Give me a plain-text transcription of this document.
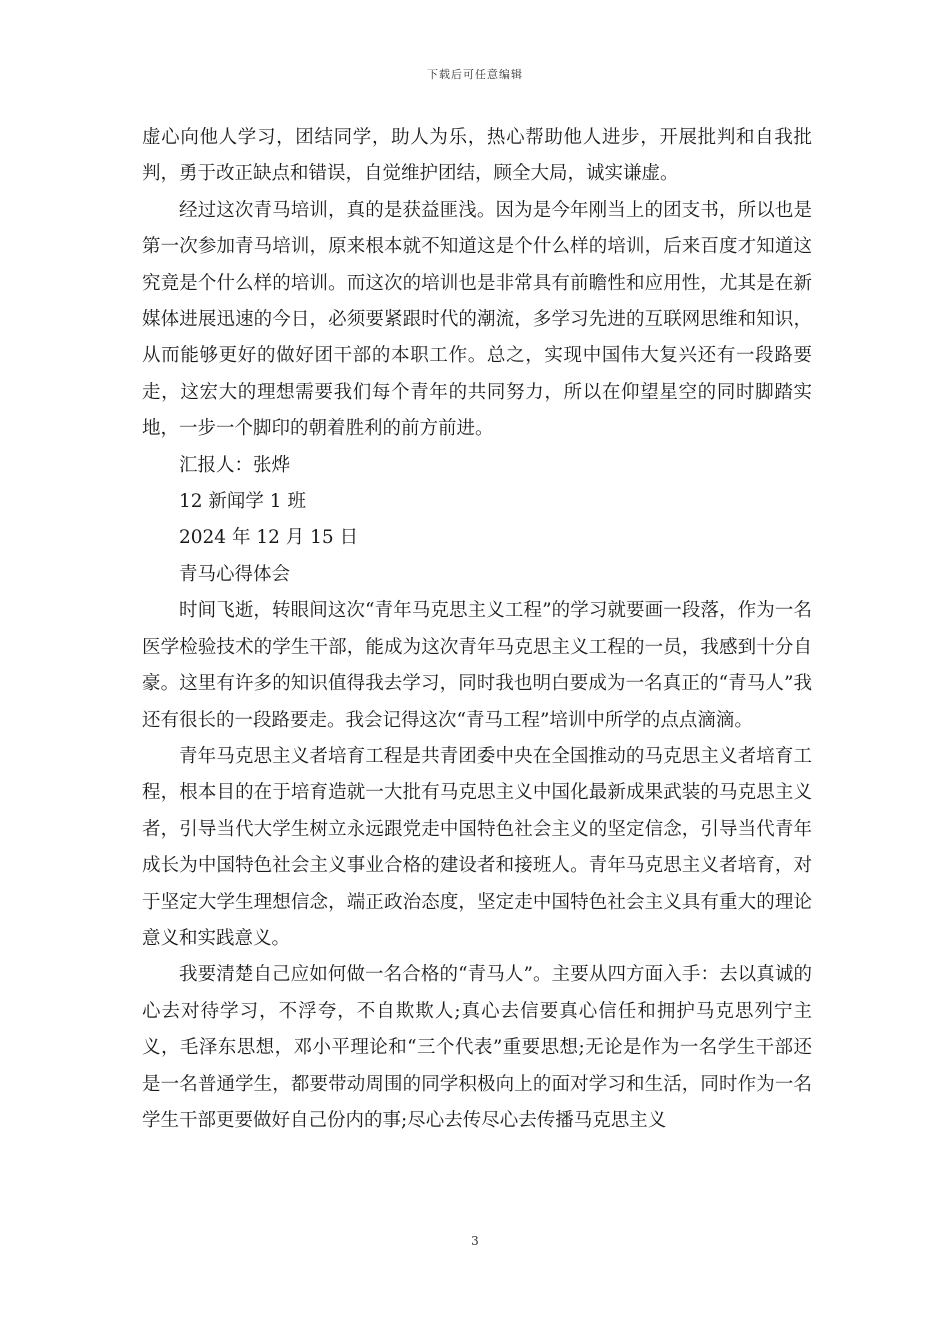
下载后可任意编辑

虚心向他人学习，团结同学，助人为乐，热心帮助他人进步，开展批判和自我批判，勇于改正缺点和错误，自觉维护团结，顾全大局，诚实谦虚。

经过这次青马培训，真的是获益匪浅。因为是今年刚当上的团支书，所以也是第一次参加青马培训，原来根本就不知道这是个什么样的培训，后来百度才知道这究竟是个什么样的培训。而这次的培训也是非常具有前瞻性和应用性，尤其是在新媒体进展迅速的今日，必须要紧跟时代的潮流，多学习先进的互联网思维和知识，从而能够更好的做好团干部的本职工作。总之，实现中国伟大复兴还有一段路要走，这宏大的理想需要我们每个青年的共同努力，所以在仰望星空的同时脚踏实地，一步一个脚印的朝着胜利的前方前进。

汇报人：张烨

12 新闻学 1 班

2024 年 12 月 15 日

青马心得体会

时间飞逝，转眼间这次“青年马克思主义工程”的学习就要画一段落，作为一名医学检验技术的学生干部，能成为这次青年马克思主义工程的一员，我感到十分自豪。这里有许多的知识值得我去学习，同时我也明白要成为一名真正的“青马人”我还有很长的一段路要走。我会记得这次“青马工程”培训中所学的点点滴滴。

青年马克思主义者培育工程是共青团委中央在全国推动的马克思主义者培育工程，根本目的在于培育造就一大批有马克思主义中国化最新成果武装的马克思主义者，引导当代大学生树立永远跟党走中国特色社会主义的坚定信念，引导当代青年成长为中国特色社会主义事业合格的建设者和接班人。青年马克思主义者培育，对于坚定大学生理想信念，端正政治态度，坚定走中国特色社会主义具有重大的理论意义和实践意义。

我要清楚自己应如何做一名合格的“青马人”。主要从四方面入手：去以真诚的心去对待学习，不浮夸，不自欺欺人;真心去信要真心信任和拥护马克思列宁主义，毛泽东思想，邓小平理论和“三个代表”重要思想;无论是作为一名学生干部还是一名普通学生，都要带动周围的同学积极向上的面对学习和生活，同时作为一名学生干部更要做好自己份内的事;尽心去传尽心去传播马克思主义

3
